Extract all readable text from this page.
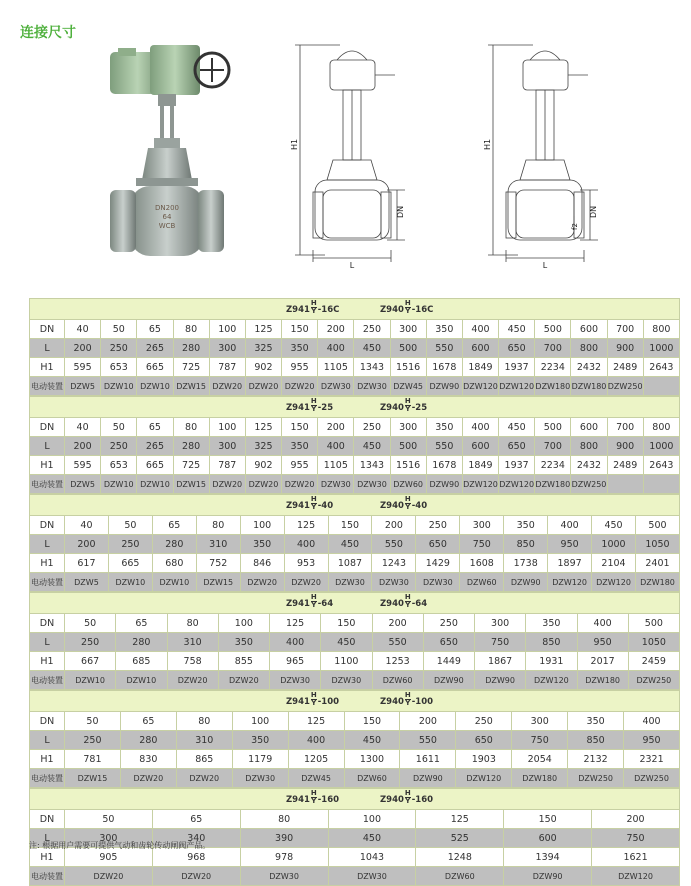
连接尺寸
DN200
64
WCB
H1
DN
L
H1
DN
f2
L
$Z941 \frac{H}{Y} -16C$	$Z940 \frac{H}{Y} -16C$
DN	40	50	65	80	100	125	150	200	250	300	350	400	450	500	600	700	800
L	200	250	265	280	300	325	350	400	450	500	550	600	650	700	800	900	1000
H1	595	653	665	725	787	902	955	1105	1343	1516	1678	1849	1937	2234	2432	2489	2643
电动装置	DZW5	DZW10	DZW10	DZW15	DZW20	DZW20	DZW20	DZW30	DZW30	DZW45	DZW90	DZW120	DZW120	DZW180	DZW180	DZW250	
$Z941 \frac{H}{Y} -25$	$Z940 \frac{H}{Y} -25$
DN	40	50	65	80	100	125	150	200	250	300	350	400	450	500	600	700	800
L	200	250	265	280	300	325	350	400	450	500	550	600	650	700	800	900	1000
H1	595	653	665	725	787	902	955	1105	1343	1516	1678	1849	1937	2234	2432	2489	2643
电动装置	DZW5	DZW10	DZW10	DZW15	DZW20	DZW20	DZW20	DZW30	DZW30	DZW60	DZW90	DZW120	DZW120	DZW180	DZW250		
$Z941 \frac{H}{Y} -40$	$Z940 \frac{H}{Y} -40$
DN	40	50	65	80	100	125	150	200	250	300	350	400	450	500
L	200	250	280	310	350	400	450	550	650	750	850	950	1000	1050
H1	617	665	680	752	846	953	1087	1243	1429	1608	1738	1897	2104	2401
电动装置	DZW5	DZW10	DZW10	DZW15	DZW20	DZW20	DZW30	DZW30	DZW30	DZW60	DZW90	DZW120	DZW120	DZW180
$Z941 \frac{H}{Y} -64$	$Z940 \frac{H}{Y} -64$
DN	50	65	80	100	125	150	200	250	300	350	400	500
L	250	280	310	350	400	450	550	650	750	850	950	1050
H1	667	685	758	855	965	1100	1253	1449	1867	1931	2017	2459
电动装置	DZW10	DZW10	DZW20	DZW20	DZW30	DZW30	DZW60	DZW90	DZW90	DZW120	DZW180	DZW250
$Z941 \frac{H}{Y} -100$	$Z940 \frac{H}{Y} -100$
DN	50	65	80	100	125	150	200	250	300	350	400
L	250	280	310	350	400	450	550	650	750	850	950
H1	781	830	865	1179	1205	1300	1611	1903	2054	2132	2321
电动装置	DZW15	DZW20	DZW20	DZW30	DZW45	DZW60	DZW90	DZW120	DZW180	DZW250	DZW250
$Z941 \frac{H}{Y} -160$	$Z940 \frac{H}{Y} -160$
DN	50	65	80	100	125	150	200
L	300	340	390	450	525	600	750
H1	905	968	978	1043	1248	1394	1621
电动装置	DZW20	DZW20	DZW30	DZW30	DZW60	DZW90	DZW120
注: 根据用户需要可提供气动和齿轮传动闸阀产品。
